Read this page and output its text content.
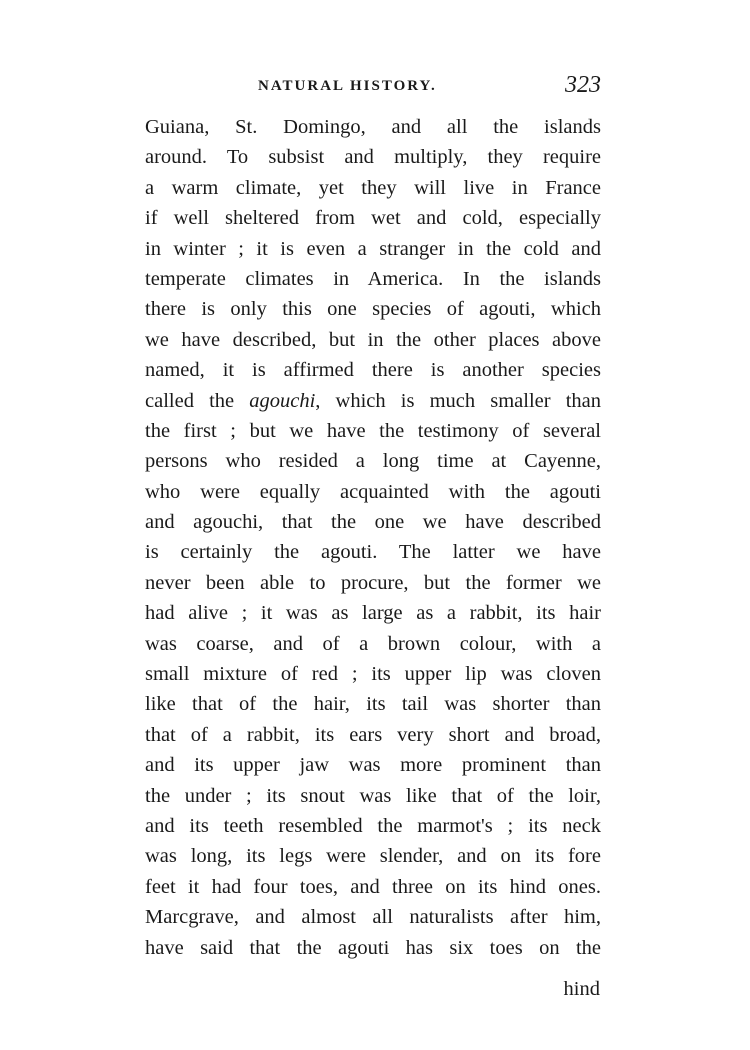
NATURAL HISTORY.	323
Guiana, St. Domingo, and all the islands
around. To subsist and multiply, they require
a warm climate, yet they will live in France
if well sheltered from wet and cold, especially
in winter ; it is even a stranger in the cold and
temperate climates in America. In the islands
there is only this one species of agouti, which
we have described, but in the other places above
named, it is affirmed there is another species
called the agouchi, which is much smaller than
the first ; but we have the testimony of several
persons who resided a long time at Cayenne,
who were equally acquainted with the agouti
and agouchi, that the one we have described
is certainly the agouti. The latter we have
never been able to procure, but the former we
had alive ; it was as large as a rabbit, its hair
was coarse, and of a brown colour, with a
small mixture of red ; its upper lip was cloven
like that of the hair, its tail was shorter than
that of a rabbit, its ears very short and broad,
and its upper jaw was more prominent than
the under ; its snout was like that of the loir,
and its teeth resembled the marmot's ; its neck
was long, its legs were slender, and on its fore
feet it had four toes, and three on its hind ones.
Marcgrave, and almost all naturalists after him,
have said that the agouti has six toes on the
hind
